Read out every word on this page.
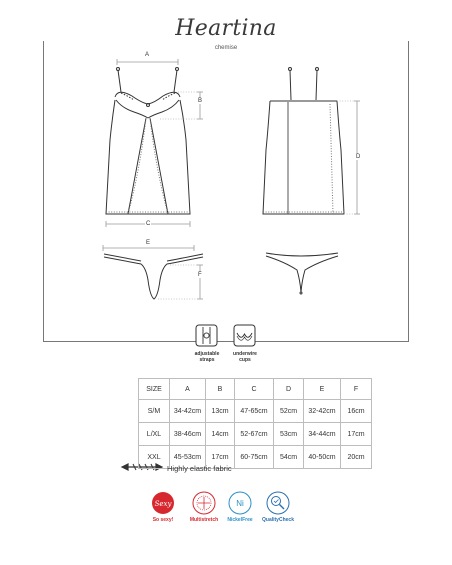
Heartina
chemise
Sexy	Ni
A
B
C
D
E
F
adjustable
straps
underwire
cups
SIZE	A	B	C	D	E	F
S/M	34-42cm	13cm	47-65cm	52cm	32-42cm	16cm
L/XL	38-46cm	14cm	52-67cm	53cm	34-44cm	17cm
XXL	45-53cm	17cm	60-75cm	54cm	40-50cm	20cm
Highly elastic fabric
So sexy!	Multistretch	NickelFree	QualityCheck
